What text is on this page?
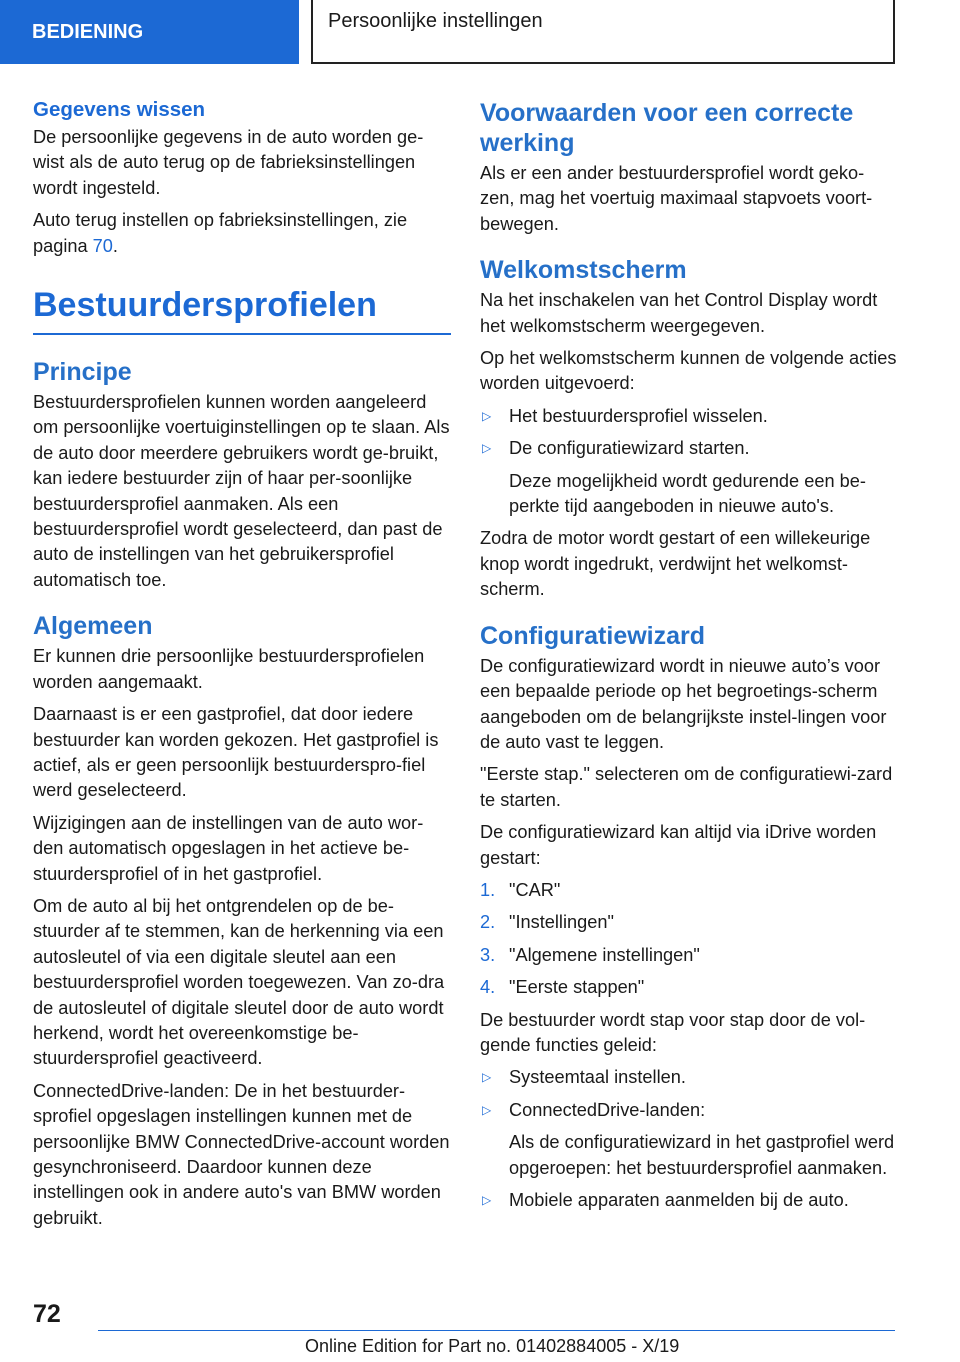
BEDIENING	Persoonlijke instellingen
Gegevens wissen

De persoonlijke gegevens in de auto worden ge‐wist als de auto terug op de fabrieksinstellingen wordt ingesteld.

Auto terug instellen op fabrieksinstellingen, zie pagina 70.

Bestuurdersprofielen
Principe

Bestuurdersprofielen kunnen worden aangeleerd om persoonlijke voertuiginstellingen op te slaan. Als de auto door meerdere gebruikers wordt ge‐bruikt, kan iedere bestuurder zijn of haar per‐soonlijke bestuurdersprofiel aanmaken. Als een bestuurdersprofiel wordt geselecteerd, dan past de auto de instellingen van het gebruikersprofiel automatisch toe.

Algemeen

Er kunnen drie persoonlijke bestuurdersprofielen worden aangemaakt.

Daarnaast is er een gastprofiel, dat door iedere bestuurder kan worden gekozen. Het gastprofiel is actief, als er geen persoonlijk bestuurderspro‐fiel werd geselecteerd.

Wijzigingen aan de instellingen van de auto wor‐den automatisch opgeslagen in het actieve be‐stuurdersprofiel of in het gastprofiel.

Om de auto al bij het ontgrendelen op de be‐stuurder af te stemmen, kan de herkenning via een autosleutel of via een digitale sleutel aan een bestuurdersprofiel worden toegewezen. Van zo‐dra de autosleutel of digitale sleutel door de auto wordt herkend, wordt het overeenkomstige be‐stuurdersprofiel geactiveerd.

ConnectedDrive-landen: De in het bestuurder‐sprofiel opgeslagen instellingen kunnen met de persoonlijke BMW ConnectedDrive-account worden gesynchroniseerd. Daardoor kunnen deze instellingen ook in andere auto's van BMW worden gebruikt.

Voorwaarden voor een correcte werking

Als er een ander bestuurdersprofiel wordt geko‐zen, mag het voertuig maximaal stapvoets voort‐bewegen.

Welkomstscherm

Na het inschakelen van het Control Display wordt het welkomstscherm weergegeven.

Op het welkomstscherm kunnen de volgende acties worden uitgevoerd:

▷ Het bestuurdersprofiel wisselen.
▷ De configuratiewizard starten.

Deze mogelijkheid wordt gedurende een be‐perkte tijd aangeboden in nieuwe auto's.

Zodra de motor wordt gestart of een willekeurige knop wordt ingedrukt, verdwijnt het welkomst‐scherm.

Configuratiewizard

De configuratiewizard wordt in nieuwe auto’s voor een bepaalde periode op het begroetings‐scherm aangeboden om de belangrijkste instel‐lingen voor de auto vast te leggen.

"Eerste stap." selecteren om de configuratiewi‐zard te starten.

De configuratiewizard kan altijd via iDrive worden gestart:

1. "CAR"
2. "Instellingen"
3. "Algemene instellingen"
4. "Eerste stappen"

De bestuurder wordt stap voor stap door de vol‐gende functies geleid:

▷ Systeemtaal instellen.
▷ ConnectedDrive-landen:

Als de configuratiewizard in het gastprofiel werd opgeroepen: het bestuurdersprofiel aanmaken.

▷ Mobiele apparaten aanmelden bij de auto.
72
Online Edition for Part no. 01402884005 - X/19
